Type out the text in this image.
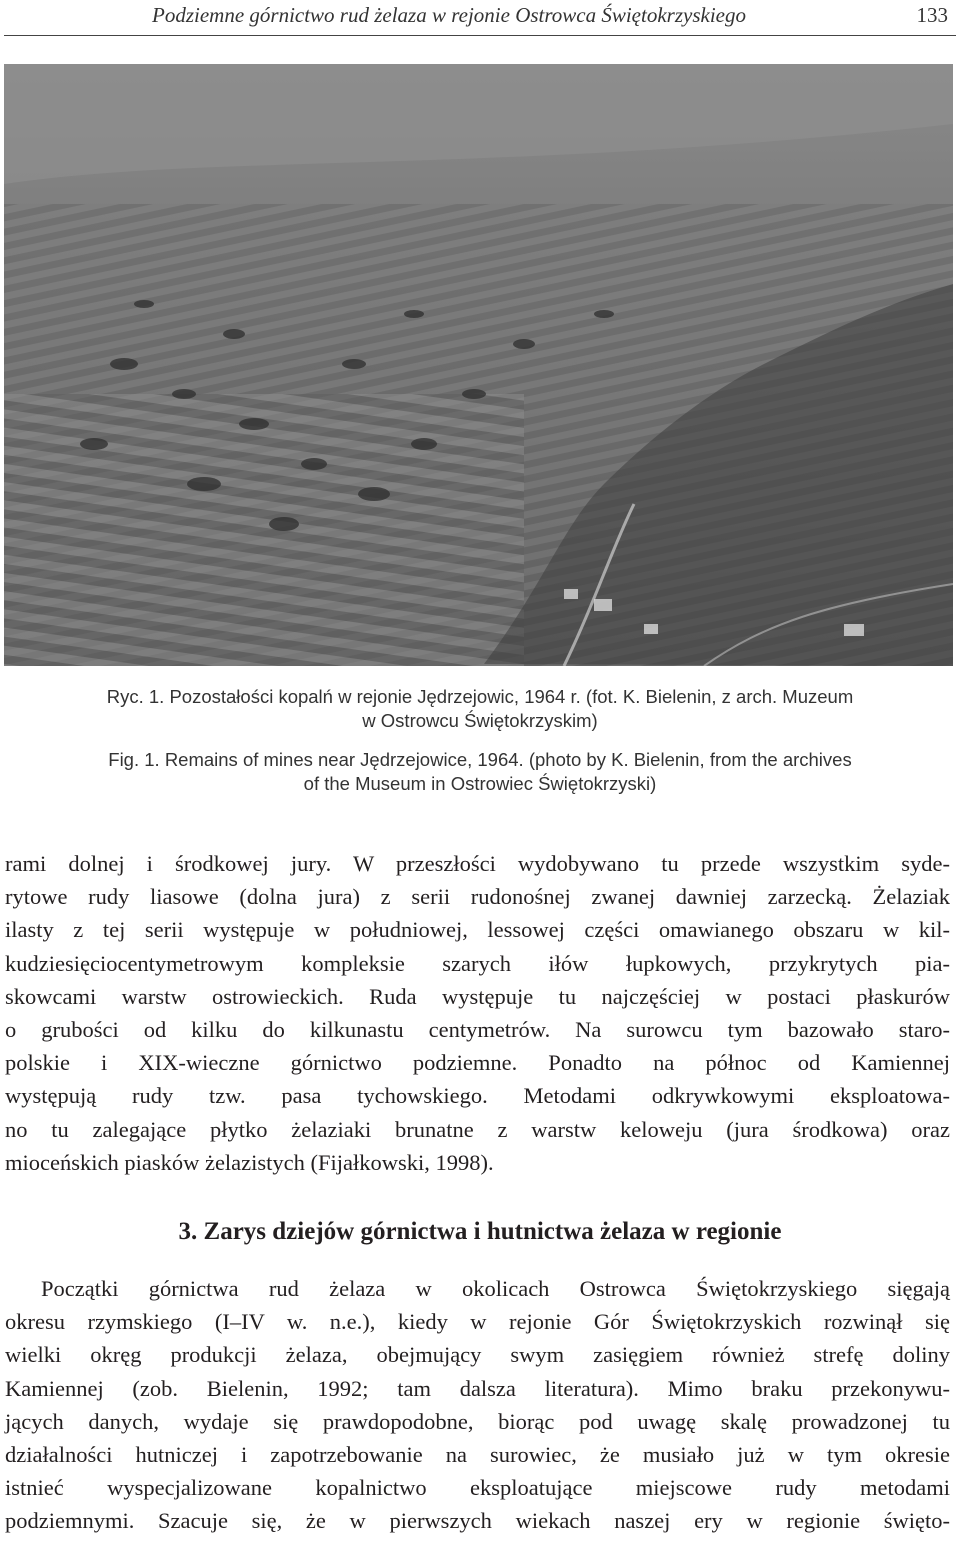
Podziemne górnictwo rud żelaza w rejonie Ostrowca Świętokrzyskiego	133
Ryc. 1. Pozostałości kopalń w rejonie Jędrzejowic, 1964 r. (fot. K. Bielenin, z arch. Muzeum
w Ostrowcu Świętokrzyskim)
Fig. 1. Remains of mines near Jędrzejowice, 1964. (photo by K. Bielenin, from the archives
of the Museum in Ostrowiec Świętokrzyski)
rami dolnej i środkowej jury. W przeszłości wydobywano tu przede wszystkim syde-
rytowe rudy liasowe (dolna jura) z serii rudonośnej zwanej dawniej zarzecką. Żelaziak
ilasty z tej serii występuje w południowej, lessowej części omawianego obszaru w kil-
kudziesięciocentymetrowym kompleksie szarych iłów łupkowych, przykrytych pia-
skowcami warstw ostrowieckich. Ruda występuje tu najczęściej w postaci płaskurów
o grubości od kilku do kilkunastu centymetrów. Na surowcu tym bazowało staro-
polskie i XIX-wieczne górnictwo podziemne. Ponadto na północ od Kamiennej
występują rudy tzw. pasa tychowskiego. Metodami odkrywkowymi eksploatowa-
no tu zalegające płytko żelaziaki brunatne z warstw keloweju (jura środkowa) oraz
mioceńskich piasków żelazistych (Fijałkowski, 1998).
3. Zarys dziejów górnictwa i hutnictwa żelaza w regionie
Początki górnictwa rud żelaza w okolicach Ostrowca Świętokrzyskiego sięgają
okresu rzymskiego (I–IV w. n.e.), kiedy w rejonie Gór Świętokrzyskich rozwinął się
wielki okręg produkcji żelaza, obejmujący swym zasięgiem również strefę doliny
Kamiennej (zob. Bielenin, 1992; tam dalsza literatura). Mimo braku przekonywu-
jących danych, wydaje się prawdopodobne, biorąc pod uwagę skalę prowadzonej tu
działalności hutniczej i zapotrzebowanie na surowiec, że musiało już w tym okresie
istnieć wyspecjalizowane kopalnictwo eksploatujące miejscowe rudy metodami
podziemnymi. Szacuje się, że w pierwszych wiekach naszej ery w regionie święto-
